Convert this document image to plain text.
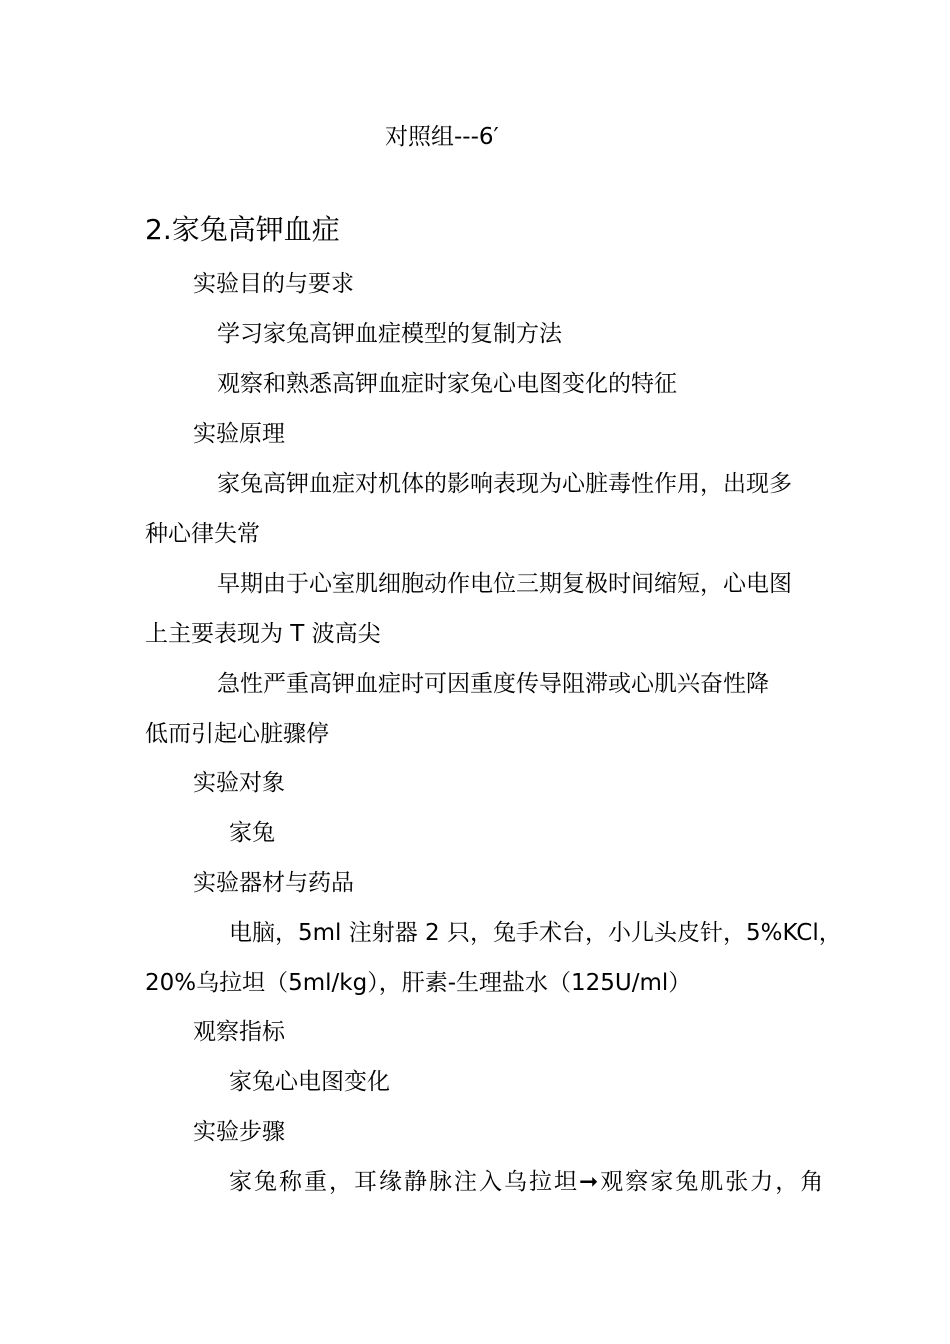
对照组---6′
2.家兔高钾血症
实验目的与要求
学习家兔高钾血症模型的复制方法
观察和熟悉高钾血症时家兔心电图变化的特征
实验原理
家兔高钾血症对机体的影响表现为心脏毒性作用，出现多
种心律失常
早期由于心室肌细胞动作电位三期复极时间缩短，心电图
上主要表现为 T 波高尖
急性严重高钾血症时可因重度传导阻滞或心肌兴奋性降
低而引起心脏骤停
实验对象
家兔
实验器材与药品
电脑，5ml 注射器 2 只，兔手术台，小儿头皮针，5%KCl，
20%乌拉坦（5ml/kg），肝素-生理盐水（125U/ml）
观察指标
家兔心电图变化
实验步骤
家兔称重，耳缘静脉注入乌拉坦➞观察家兔肌张力，角
